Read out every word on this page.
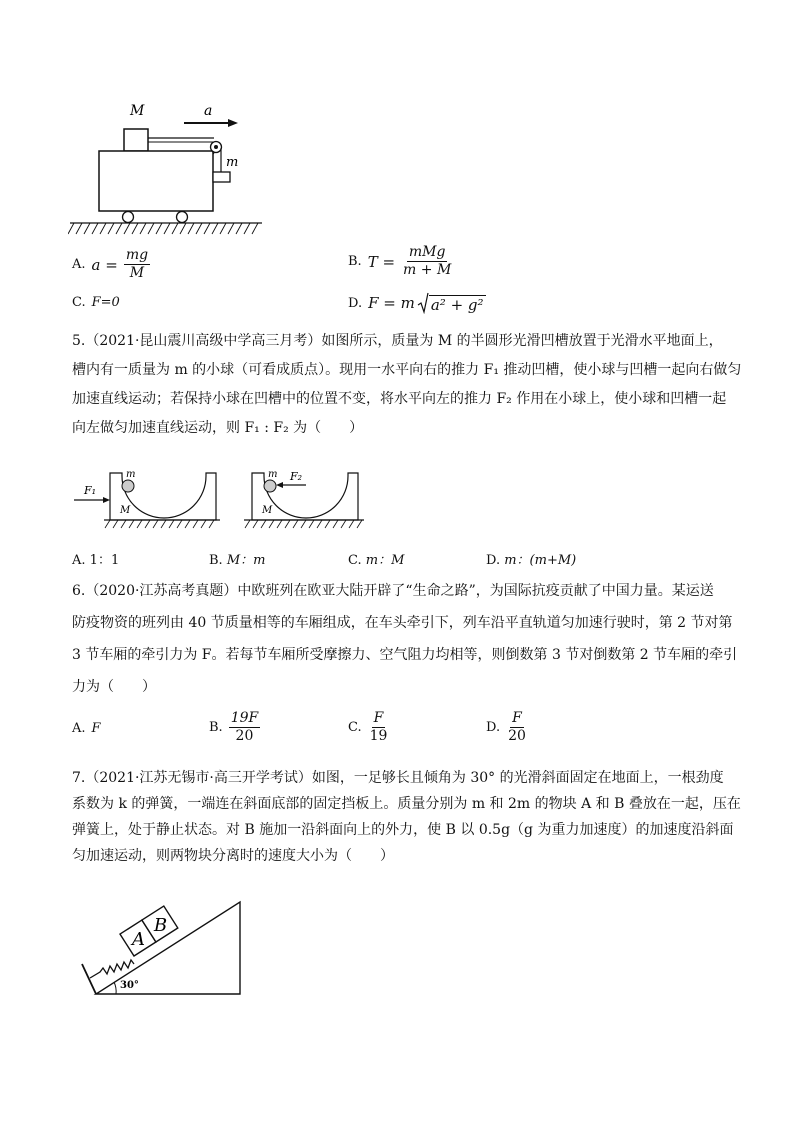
M
m
a
A. $a = \frac{mg}{M}$	B. $T = \frac{\text{mMg}}{m + M}$
C. F=0	D. F = m a² + g²
5.（2021·昆山震川高级中学高三月考）如图所示，质量为 M 的半圆形光滑凹槽放置于光滑水平地面上，
槽内有一质量为 m 的小球（可看成质点）。现用一水平向右的推力 F₁ 推动凹槽，使小球与凹槽一起向右做匀
加速直线运动；若保持小球在凹槽中的位置不变，将水平向左的推力 F₂ 作用在小球上，使小球和凹槽一起
向左做匀加速直线运动，则 F₁ : F₂ 为（　　）
F₁
m
M
m
M
F₂
A. 1：1	B. M：m	C. m：M	D. m：(m+M)
6.（2020·江苏高考真题）中欧班列在欧亚大陆开辟了“生命之路”，为国际抗疫贡献了中国力量。某运送
防疫物资的班列由 40 节质量相等的车厢组成，在车头牵引下，列车沿平直轨道匀加速行驶时，第 2 节对第
3 节车厢的牵引力为 F。若每节车厢所受摩擦力、空气阻力均相等，则倒数第 3 节对倒数第 2 节车厢的牵引
力为（　　）
A. F	B. $\frac{19F}{20}$	C. $\frac{F}{19}$	D. $\frac{F}{20}$
7.（2021·江苏无锡市·高三开学考试）如图，一足够长且倾角为 30° 的光滑斜面固定在地面上，一根劲度
系数为 k 的弹簧，一端连在斜面底部的固定挡板上。质量分别为 m 和 2m 的物块 A 和 B 叠放在一起，压在
弹簧上，处于静止状态。对 B 施加一沿斜面向上的外力，使 B 以 0.5g（g 为重力加速度）的加速度沿斜面
匀加速运动，则两物块分离时的速度大小为（　　）
A
B
30°
